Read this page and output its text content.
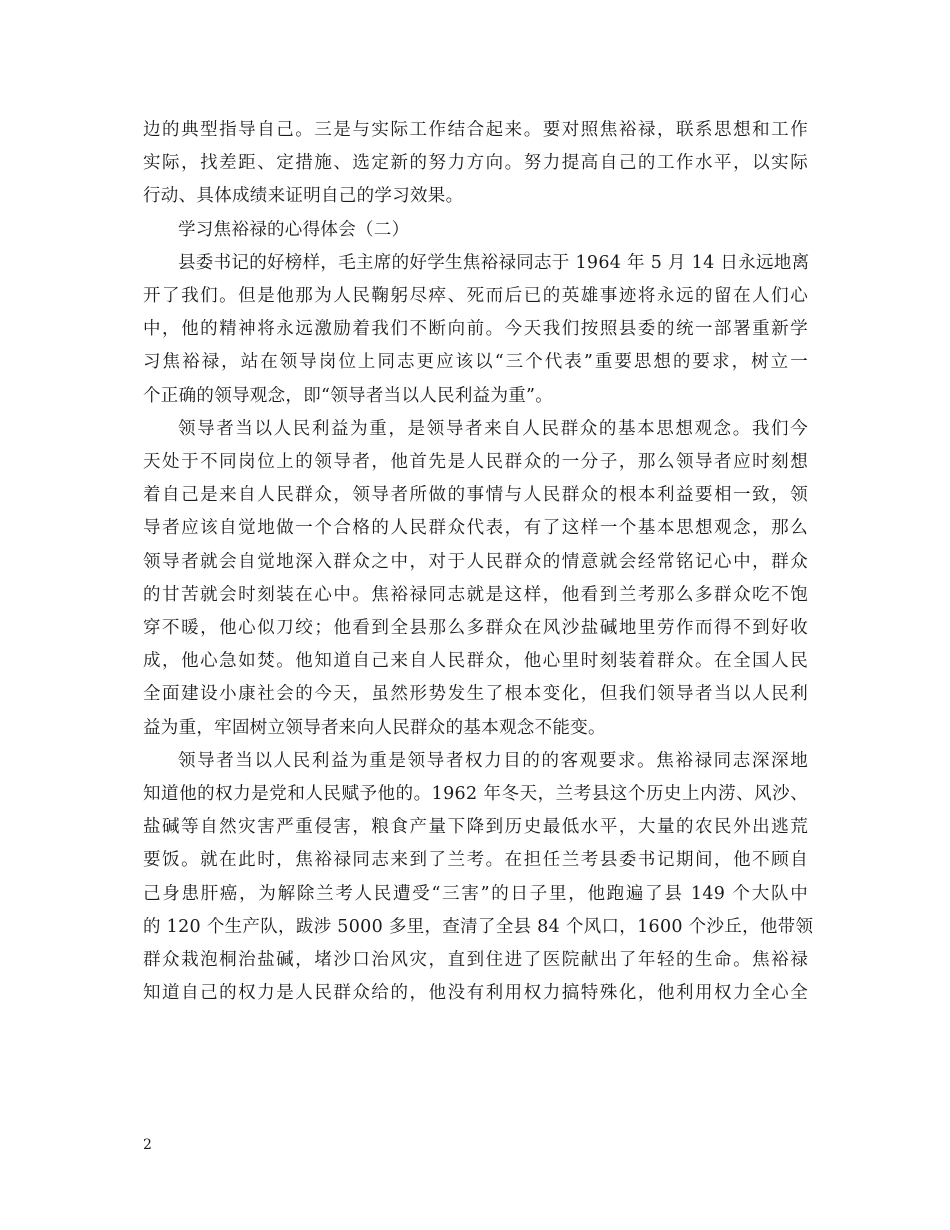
边的典型指导自己。三是与实际工作结合起来。要对照焦裕禄，联系思想和工作
实际，找差距、定措施、选定新的努力方向。努力提高自己的工作水平，以实际
行动、具体成绩来证明自己的学习效果。
学习焦裕禄的心得体会（二）
县委书记的好榜样，毛主席的好学生焦裕禄同志于 1964 年 5 月 14 日永远地离
开了我们。但是他那为人民鞠躬尽瘁、死而后已的英雄事迹将永远的留在人们心
中，他的精神将永远激励着我们不断向前。今天我们按照县委的统一部署重新学
习焦裕禄，站在领导岗位上同志更应该以“三个代表”重要思想的要求，树立一
个正确的领导观念，即“领导者当以人民利益为重”。
领导者当以人民利益为重，是领导者来自人民群众的基本思想观念。我们今
天处于不同岗位上的领导者，他首先是人民群众的一分子，那么领导者应时刻想
着自己是来自人民群众，领导者所做的事情与人民群众的根本利益要相一致，领
导者应该自觉地做一个合格的人民群众代表，有了这样一个基本思想观念，那么
领导者就会自觉地深入群众之中，对于人民群众的情意就会经常铭记心中，群众
的甘苦就会时刻装在心中。焦裕禄同志就是这样，他看到兰考那么多群众吃不饱
穿不暖，他心似刀绞；他看到全县那么多群众在风沙盐碱地里劳作而得不到好收
成，他心急如焚。他知道自己来自人民群众，他心里时刻装着群众。在全国人民
全面建设小康社会的今天，虽然形势发生了根本变化，但我们领导者当以人民利
益为重，牢固树立领导者来向人民群众的基本观念不能变。
领导者当以人民利益为重是领导者权力目的的客观要求。焦裕禄同志深深地
知道他的权力是党和人民赋予他的。1962 年冬天，兰考县这个历史上内涝、风沙、
盐碱等自然灾害严重侵害，粮食产量下降到历史最低水平，大量的农民外出逃荒
要饭。就在此时，焦裕禄同志来到了兰考。在担任兰考县委书记期间，他不顾自
己身患肝癌，为解除兰考人民遭受“三害”的日子里，他跑遍了县 149 个大队中
的 120 个生产队，跋涉 5000 多里，查清了全县 84 个风口，1600 个沙丘，他带领
群众栽泡桐治盐碱，堵沙口治风灾，直到住进了医院献出了年轻的生命。焦裕禄
知道自己的权力是人民群众给的，他没有利用权力搞特殊化，他利用权力全心全
2
